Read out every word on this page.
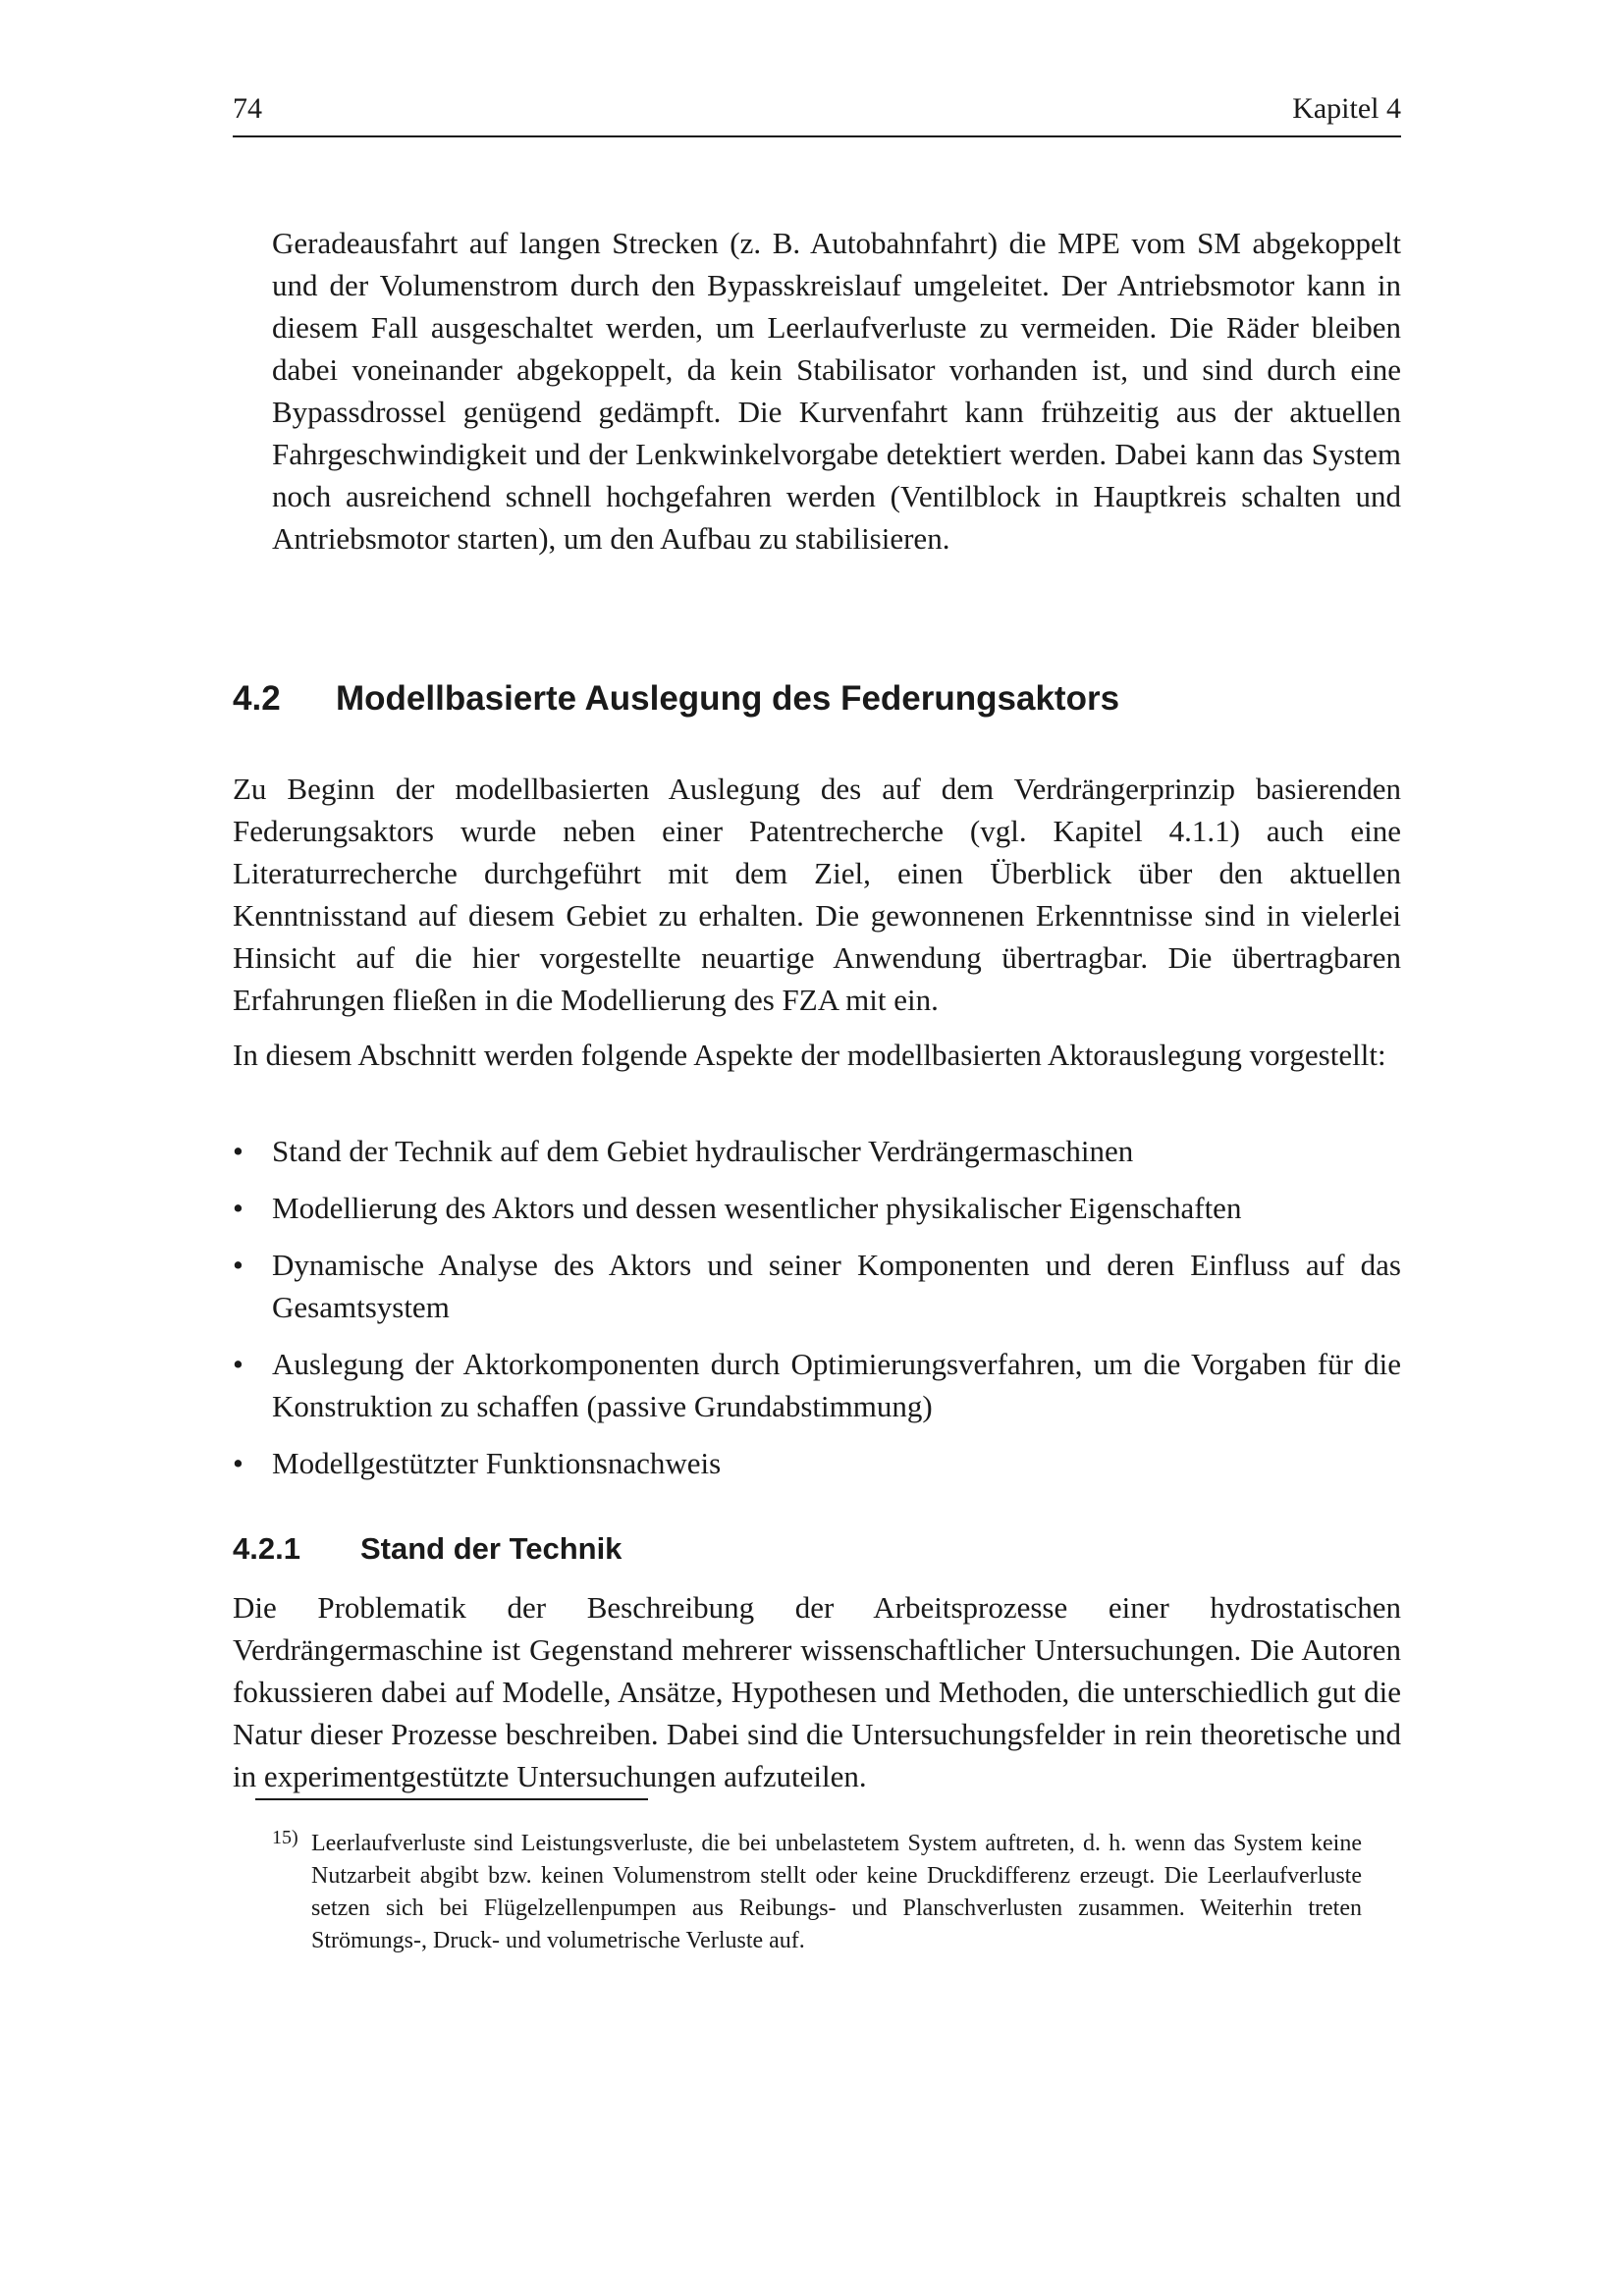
74	Kapitel 4

Geradeausfahrt auf langen Strecken (z. B. Autobahnfahrt) die MPE vom SM abgekoppelt und der Volumenstrom durch den Bypasskreislauf umgeleitet. Der Antriebsmotor kann in diesem Fall ausgeschaltet werden, um Leerlaufverluste zu vermeiden. Die Räder bleiben dabei voneinander abgekoppelt, da kein Stabilisator vorhanden ist, und sind durch eine Bypassdrossel genügend gedämpft. Die Kurvenfahrt kann frühzeitig aus der aktuellen Fahrgeschwindigkeit und der Lenkwinkelvorgabe detektiert werden. Dabei kann das System noch ausreichend schnell hochgefahren werden (Ventilblock in Hauptkreis schalten und Antriebsmotor starten), um den Aufbau zu stabilisieren.

4.2 Modellbasierte Auslegung des Federungsaktors

Zu Beginn der modellbasierten Auslegung des auf dem Verdrängerprinzip basierenden Federungsaktors wurde neben einer Patentrecherche (vgl. Kapitel 4.1.1) auch eine Literaturrecherche durchgeführt mit dem Ziel, einen Überblick über den aktuellen Kenntnisstand auf diesem Gebiet zu erhalten. Die gewonnenen Erkenntnisse sind in vielerlei Hinsicht auf die hier vorgestellte neuartige Anwendung übertragbar. Die übertragbaren Erfahrungen fließen in die Modellierung des FZA mit ein.

In diesem Abschnitt werden folgende Aspekte der modellbasierten Aktorauslegung vorgestellt:

• Stand der Technik auf dem Gebiet hydraulischer Verdrängermaschinen
• Modellierung des Aktors und dessen wesentlicher physikalischer Eigenschaften
• Dynamische Analyse des Aktors und seiner Komponenten und deren Einfluss auf das Gesamtsystem
• Auslegung der Aktorkomponenten durch Optimierungsverfahren, um die Vorgaben für die Konstruktion zu schaffen (passive Grundabstimmung)
• Modellgestützter Funktionsnachweis
4.2.1 Stand der Technik

Die Problematik der Beschreibung der Arbeitsprozesse einer hydrostatischen Verdrängermaschine ist Gegenstand mehrerer wissenschaftlicher Untersuchungen. Die Autoren fokussieren dabei auf Modelle, Ansätze, Hypothesen und Methoden, die unterschiedlich gut die Natur dieser Prozesse beschreiben. Dabei sind die Untersuchungsfelder in rein theoretische und in experimentgestützte Untersuchungen aufzuteilen.

15) Leerlaufverluste sind Leistungsverluste, die bei unbelastetem System auftreten, d. h. wenn das System keine Nutzarbeit abgibt bzw. keinen Volumenstrom stellt oder keine Druckdifferenz erzeugt. Die Leerlaufverluste setzen sich bei Flügelzellenpumpen aus Reibungs- und Planschverlusten zusammen. Weiterhin treten Strömungs-, Druck- und volumetrische Verluste auf.
